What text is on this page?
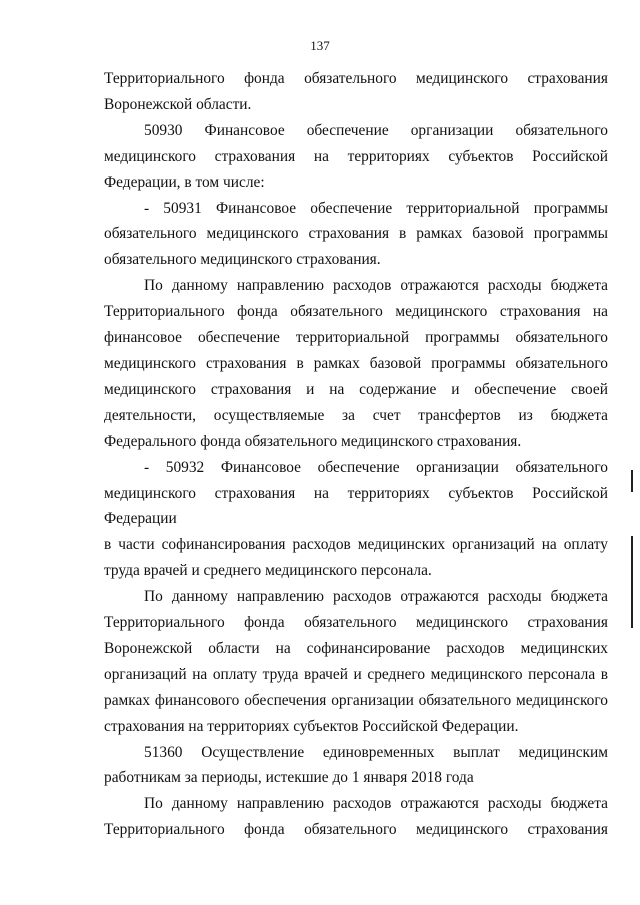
137

Территориального фонда обязательного медицинского страхования
Воронежской области.

50930 Финансовое обеспечение организации обязательного
медицинского страхования на территориях субъектов Российской
Федерации, в том числе:

- 50931 Финансовое обеспечение территориальной программы
обязательного медицинского страхования в рамках базовой программы
обязательного медицинского страхования.

По данному направлению расходов отражаются расходы бюджета
Территориального фонда обязательного медицинского страхования на
финансовое обеспечение территориальной программы обязательного
медицинского страхования в рамках базовой программы обязательного
медицинского страхования и на содержание и обеспечение своей
деятельности, осуществляемые за счет трансфертов из бюджета
Федерального фонда обязательного медицинского страхования.

- 50932 Финансовое обеспечение организации обязательного
медицинского страхования на территориях субъектов Российской Федерации
в части софинансирования расходов медицинских организаций на оплату
труда врачей и среднего медицинского персонала.

По данному направлению расходов отражаются расходы бюджета
Территориального фонда обязательного медицинского страхования
Воронежской области на софинансирование расходов медицинских
организаций на оплату труда врачей и среднего медицинского персонала в
рамках финансового обеспечения организации обязательного медицинского
страхования на территориях субъектов Российской Федерации.

51360 Осуществление единовременных выплат медицинским
работникам за периоды, истекшие до 1 января 2018 года

По данному направлению расходов отражаются расходы бюджета
Территориального фонда обязательного медицинского страхования
